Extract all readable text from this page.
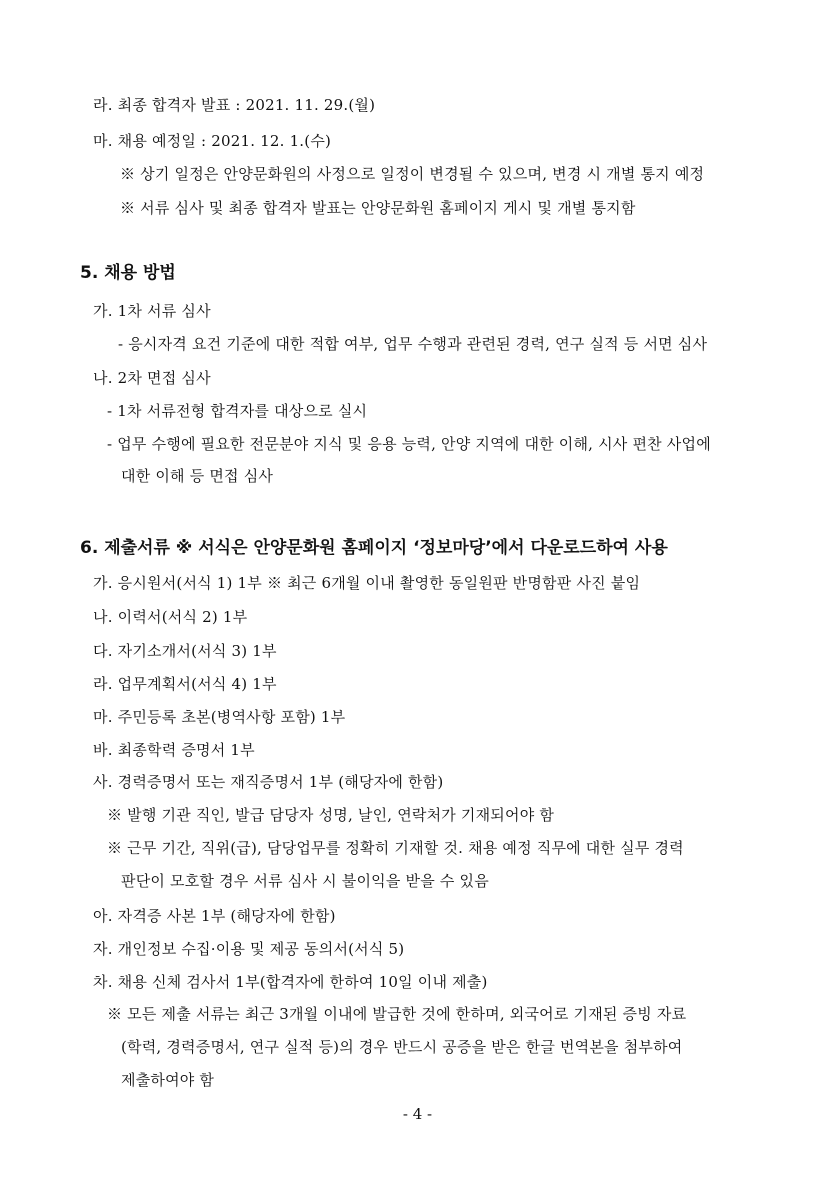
라. 최종 합격자 발표 : 2021. 11. 29.(월)
마. 채용 예정일 : 2021. 12. 1.(수)
※ 상기 일정은 안양문화원의 사정으로 일정이 변경될 수 있으며, 변경 시 개별 통지 예정
※ 서류 심사 및 최종 합격자 발표는 안양문화원 홈페이지 게시 및 개별 통지함
5. 채용 방법
가. 1차 서류 심사
- 응시자격 요건 기준에 대한 적합 여부, 업무 수행과 관련된 경력, 연구 실적 등 서면 심사
나. 2차 면접 심사
- 1차 서류전형 합격자를 대상으로 실시
- 업무 수행에 필요한 전문분야 지식 및 응용 능력, 안양 지역에 대한 이해, 시사 편찬 사업에
대한 이해 등 면접 심사
6. 제출서류 ※ 서식은 안양문화원 홈페이지 ‘정보마당’에서 다운로드하여 사용
가. 응시원서(서식 1) 1부 ※ 최근 6개월 이내 촬영한 동일원판 반명함판 사진 붙임
나. 이력서(서식 2) 1부
다. 자기소개서(서식 3) 1부
라. 업무계획서(서식 4) 1부
마. 주민등록 초본(병역사항 포함) 1부
바. 최종학력 증명서 1부
사. 경력증명서 또는 재직증명서 1부 (해당자에 한함)
※ 발행 기관 직인, 발급 담당자 성명, 날인, 연락처가 기재되어야 함
※ 근무 기간, 직위(급), 담당업무를 정확히 기재할 것. 채용 예정 직무에 대한 실무 경력
판단이 모호할 경우 서류 심사 시 불이익을 받을 수 있음
아. 자격증 사본 1부 (해당자에 한함)
자. 개인정보 수집·이용 및 제공 동의서(서식 5)
차. 채용 신체 검사서 1부(합격자에 한하여 10일 이내 제출)
※ 모든 제출 서류는 최근 3개월 이내에 발급한 것에 한하며, 외국어로 기재된 증빙 자료
(학력, 경력증명서, 연구 실적 등)의 경우 반드시 공증을 받은 한글 번역본을 첨부하여
제출하여야 함
- 4 -
